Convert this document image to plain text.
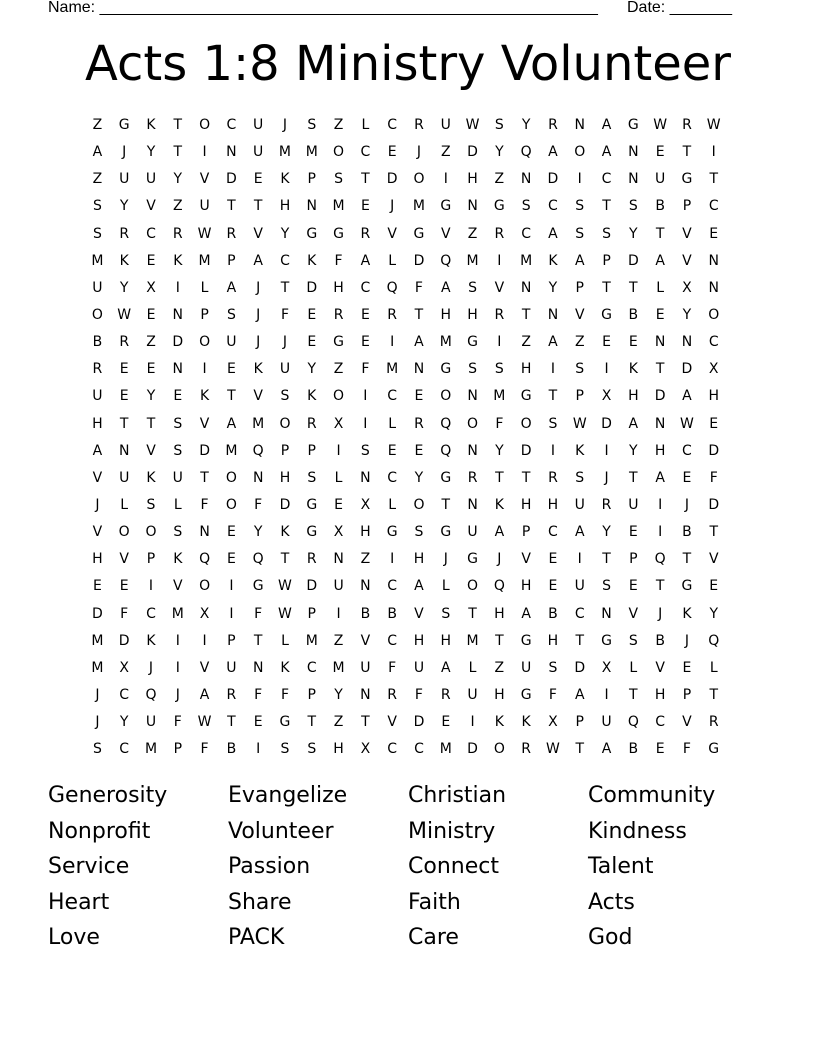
Name: ________________________________________________________ Date: _______
Acts 1:8 Ministry Volunteer
Z	G	K	T	O	C	U	J	S	Z	L	C	R	U	W	S	Y	R	N	A	G	W	R	W
A	J	Y	T	I	N	U	M	M	O	C	E	J	Z	D	Y	Q	A	O	A	N	E	T	I
Z	U	U	Y	V	D	E	K	P	S	T	D	O	I	H	Z	N	D	I	C	N	U	G	T
S	Y	V	Z	U	T	T	H	N	M	E	J	M	G	N	G	S	C	S	T	S	B	P	C
S	R	C	R	W	R	V	Y	G	G	R	V	G	V	Z	R	C	A	S	S	Y	T	V	E
M	K	E	K	M	P	A	C	K	F	A	L	D	Q	M	I	M	K	A	P	D	A	V	N
U	Y	X	I	L	A	J	T	D	H	C	Q	F	A	S	V	N	Y	P	T	T	L	X	N
O	W	E	N	P	S	J	F	E	R	E	R	T	H	H	R	T	N	V	G	B	E	Y	O
B	R	Z	D	O	U	J	J	E	G	E	I	A	M	G	I	Z	A	Z	E	E	N	N	C
R	E	E	N	I	E	K	U	Y	Z	F	M	N	G	S	S	H	I	S	I	K	T	D	X
U	E	Y	E	K	T	V	S	K	O	I	C	E	O	N	M	G	T	P	X	H	D	A	H
H	T	T	S	V	A	M	O	R	X	I	L	R	Q	O	F	O	S	W	D	A	N	W	E
A	N	V	S	D	M	Q	P	P	I	S	E	E	Q	N	Y	D	I	K	I	Y	H	C	D
V	U	K	U	T	O	N	H	S	L	N	C	Y	G	R	T	T	R	S	J	T	A	E	F
J	L	S	L	F	O	F	D	G	E	X	L	O	T	N	K	H	H	U	R	U	I	J	D
V	O	O	S	N	E	Y	K	G	X	H	G	S	G	U	A	P	C	A	Y	E	I	B	T
H	V	P	K	Q	E	Q	T	R	N	Z	I	H	J	G	J	V	E	I	T	P	Q	T	V
E	E	I	V	O	I	G	W	D	U	N	C	A	L	O	Q	H	E	U	S	E	T	G	E
D	F	C	M	X	I	F	W	P	I	B	B	V	S	T	H	A	B	C	N	V	J	K	Y
M	D	K	I	I	P	T	L	M	Z	V	C	H	H	M	T	G	H	T	G	S	B	J	Q
M	X	J	I	V	U	N	K	C	M	U	F	U	A	L	Z	U	S	D	X	L	V	E	L
J	C	Q	J	A	R	F	F	P	Y	N	R	F	R	U	H	G	F	A	I	T	H	P	T
J	Y	U	F	W	T	E	G	T	Z	T	V	D	E	I	K	K	X	P	U	Q	C	V	R
S	C	M	P	F	B	I	S	S	H	X	C	C	M	D	O	R	W	T	A	B	E	F	G
Generosity	Evangelize	Christian	Community
Nonprofit	Volunteer	Ministry	Kindness
Service	Passion	Connect	Talent
Heart	Share	Faith	Acts
Love	PACK	Care	God
